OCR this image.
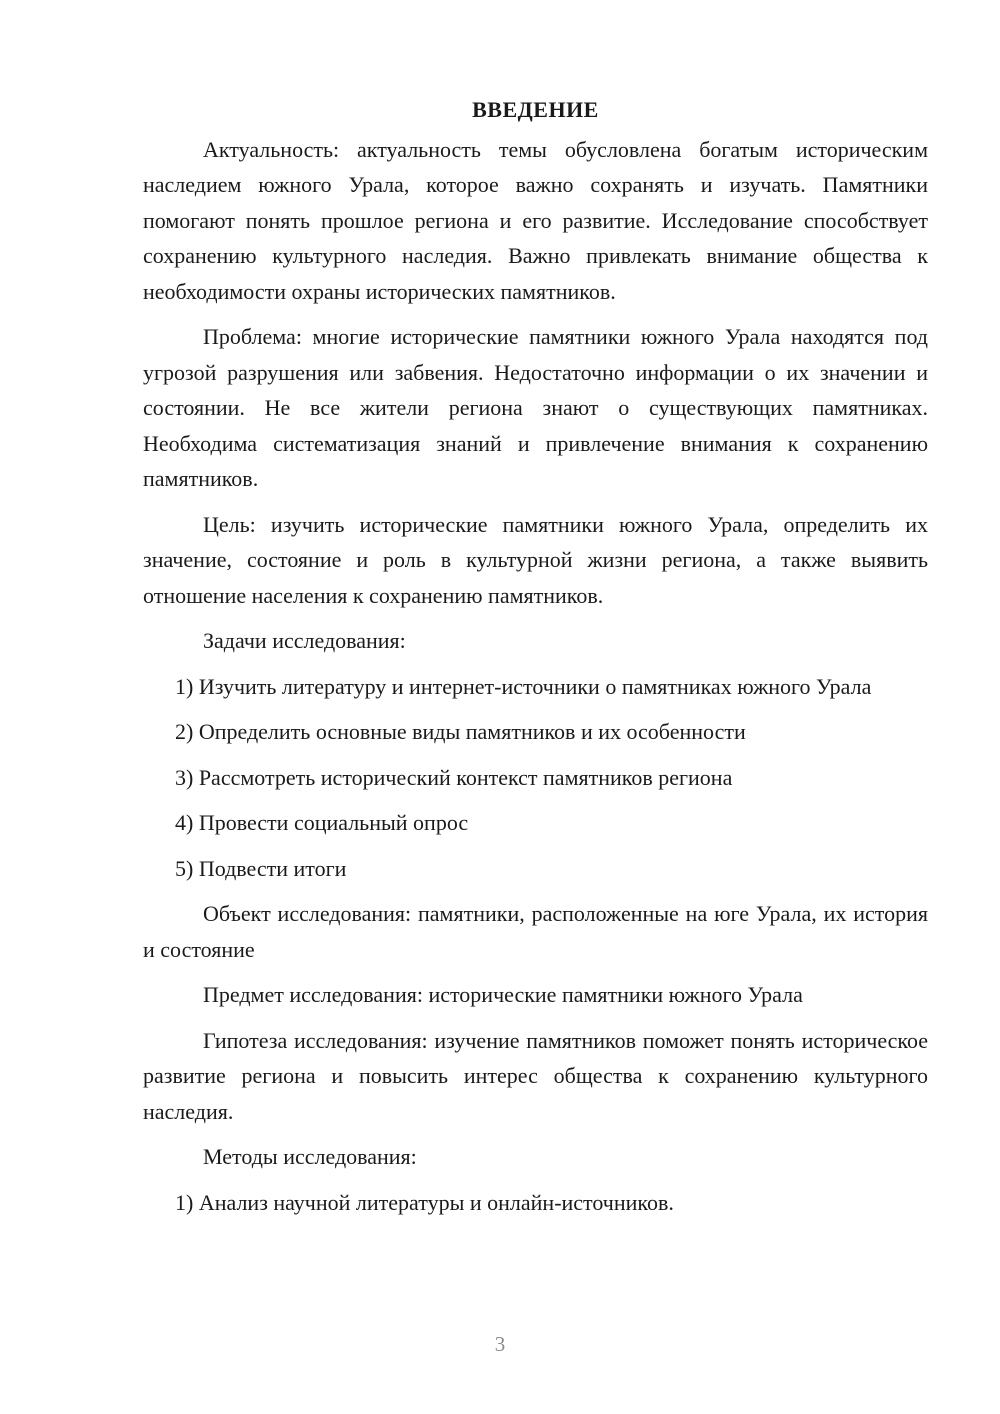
ВВЕДЕНИЕ

Актуальность: актуальность темы обусловлена богатым историческим наследием южного Урала, которое важно сохранять и изучать. Памятники помогают понять прошлое региона и его развитие. Исследование способствует сохранению культурного наследия. Важно привлекать внимание общества к необходимости охраны исторических памятников.

Проблема: многие исторические памятники южного Урала находятся под угрозой разрушения или забвения. Недостаточно информации о их значении и состоянии. Не все жители региона знают о существующих памятниках. Необходима систематизация знаний и привлечение внимания к сохранению памятников.

Цель: изучить исторические памятники южного Урала, определить их значение, состояние и роль в культурной жизни региона, а также выявить отношение населения к сохранению памятников.

Задачи исследования:

1) Изучить литературу и интернет-источники о памятниках южного Урала

2) Определить основные виды памятников и их особенности

3) Рассмотреть исторический контекст памятников региона

4) Провести социальный опрос

5) Подвести итоги

Объект исследования: памятники, расположенные на юге Урала, их история и состояние

Предмет исследования: исторические памятники южного Урала

Гипотеза исследования: изучение памятников поможет понять историческое развитие региона и повысить интерес общества к сохранению культурного наследия.

Методы исследования:

1) Анализ научной литературы и онлайн-источников.

3
